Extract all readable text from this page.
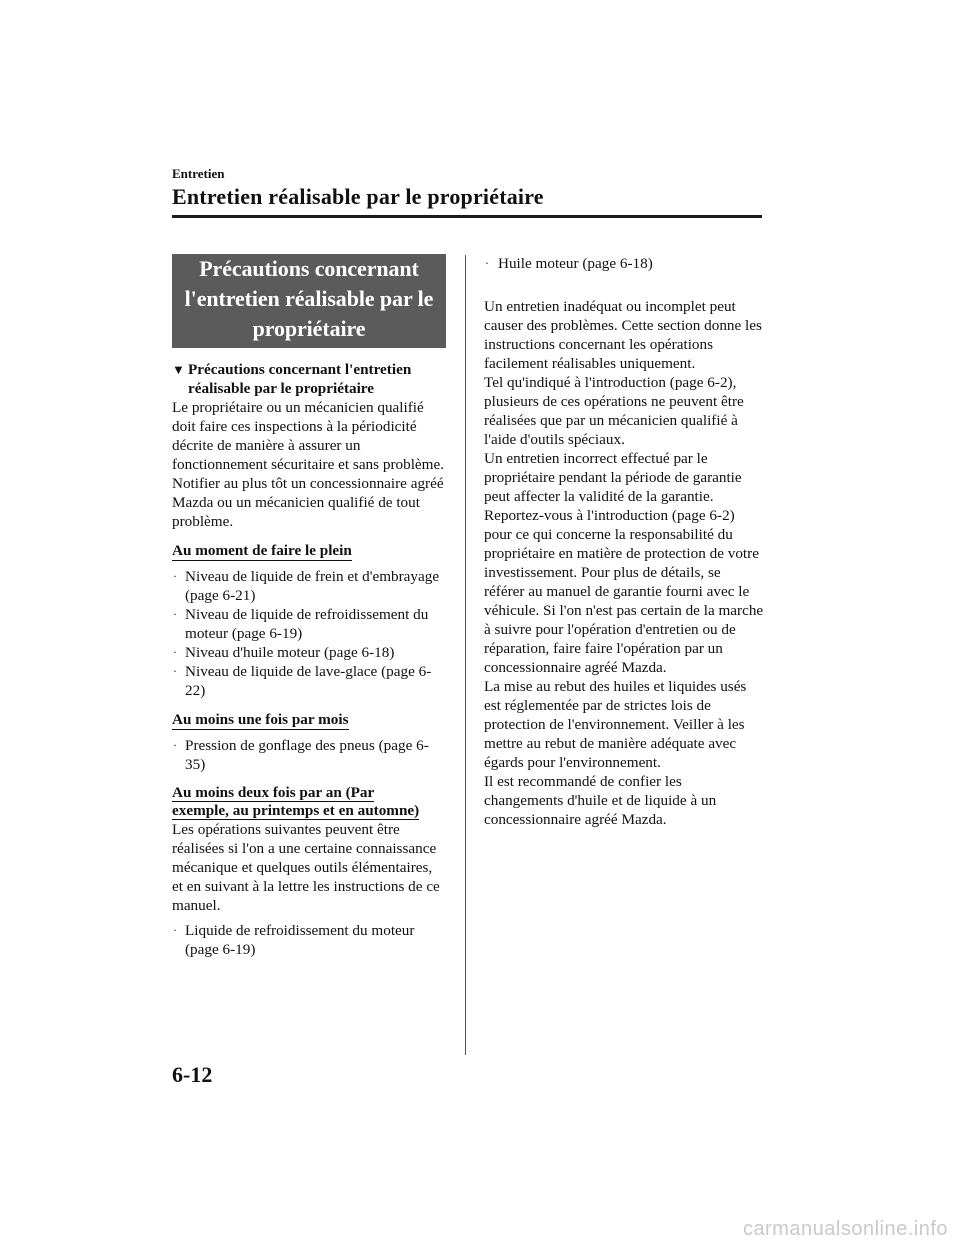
Entretien
Entretien réalisable par le propriétaire
Précautions concernant
l'entretien réalisable par le
propriétaire
▼ Précautions concernant l'entretien
réalisable par le propriétaire

Le propriétaire ou un mécanicien qualifié doit faire ces inspections à la périodicité décrite de manière à assurer un fonctionnement sécuritaire et sans problème.

Notifier au plus tôt un concessionnaire agréé Mazda ou un mécanicien qualifié de tout problème.

Au moment de faire le plein
· Niveau de liquide de frein et d'embrayage (page 6-21)
· Niveau de liquide de refroidissement du moteur (page 6-19)
· Niveau d'huile moteur (page 6-18)
· Niveau de liquide de lave-glace (page 6-22)
Au moins une fois par mois
· Pression de gonflage des pneus (page 6-35)
Au moins deux fois par an (Par
exemple, au printemps et en automne)

Les opérations suivantes peuvent être réalisées si l'on a une certaine connaissance mécanique et quelques outils élémentaires, et en suivant à la lettre les instructions de ce manuel.

· Liquide de refroidissement du moteur (page 6-19)
· Huile moteur (page 6-18)

Un entretien inadéquat ou incomplet peut causer des problèmes. Cette section donne les instructions concernant les opérations facilement réalisables uniquement.

Tel qu'indiqué à l'introduction (page 6-2), plusieurs de ces opérations ne peuvent être réalisées que par un mécanicien qualifié à l'aide d'outils spéciaux.

Un entretien incorrect effectué par le propriétaire pendant la période de garantie peut affecter la validité de la garantie. Reportez-vous à l'introduction (page 6-2) pour ce qui concerne la responsabilité du propriétaire en matière de protection de votre investissement. Pour plus de détails, se référer au manuel de garantie fourni avec le véhicule. Si l'on n'est pas certain de la marche à suivre pour l'opération d'entretien ou de réparation, faire faire l'opération par un concessionnaire agréé Mazda.

La mise au rebut des huiles et liquides usés est réglementée par de strictes lois de protection de l'environnement. Veiller à les mettre au rebut de manière adéquate avec égards pour l'environnement.

Il est recommandé de confier les changements d'huile et de liquide à un concessionnaire agréé Mazda.

6-12
carmanualsonline.info
